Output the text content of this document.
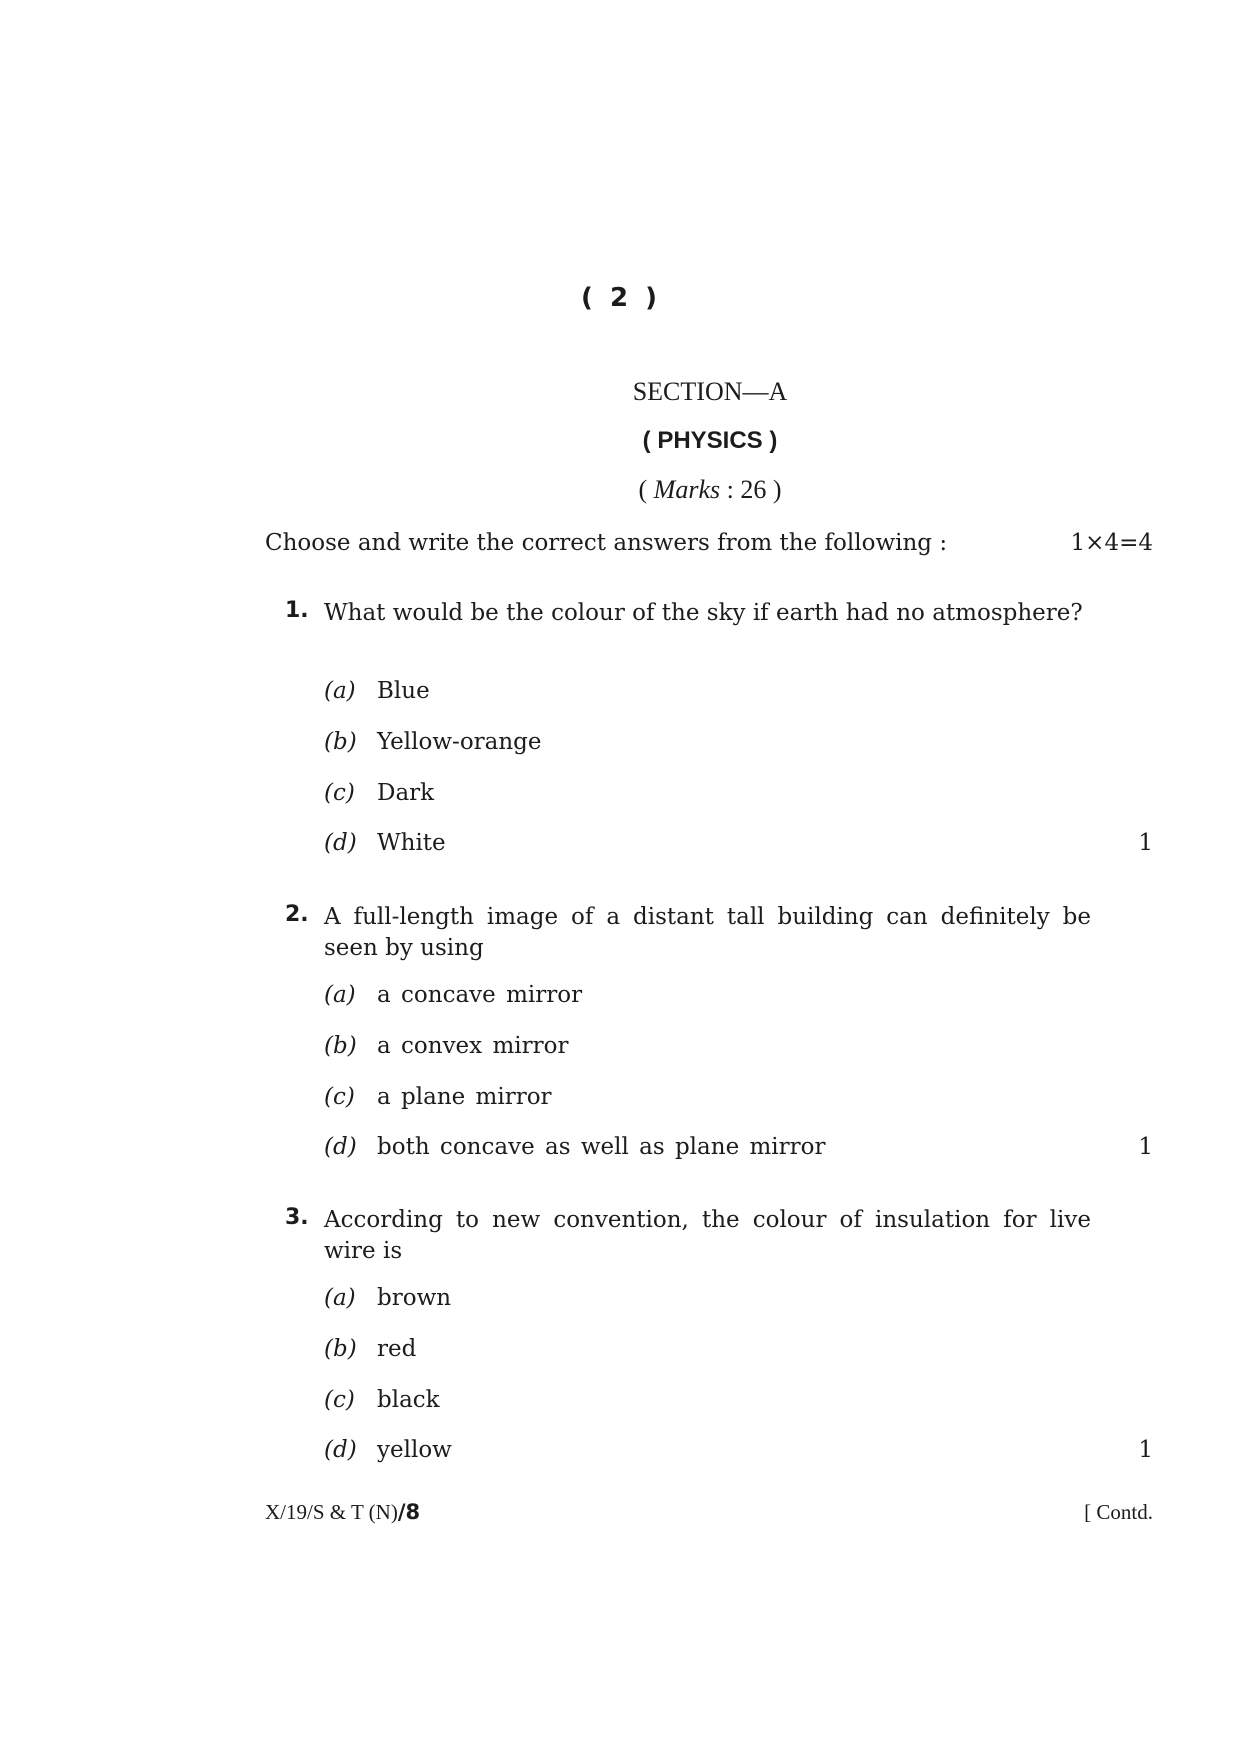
( 2 )
SECTION—A
( PHYSICS )
( Marks : 26 )
Choose and write the correct answers from the following :	1×4=4
1. What would be the colour of the sky if earth had no atmosphere?
(a) Blue
(b) Yellow-orange
(c) Dark
(d) White	1
2. A full-length image of a distant tall building can definitely be seen by using
(a) a concave mirror
(b) a convex mirror
(c) a plane mirror
(d) both concave as well as plane mirror	1
3. According to new convention, the colour of insulation for live wire is
(a) brown
(b) red
(c) black
(d) yellow	1
X/19/S & T (N)/8	[ Contd.
